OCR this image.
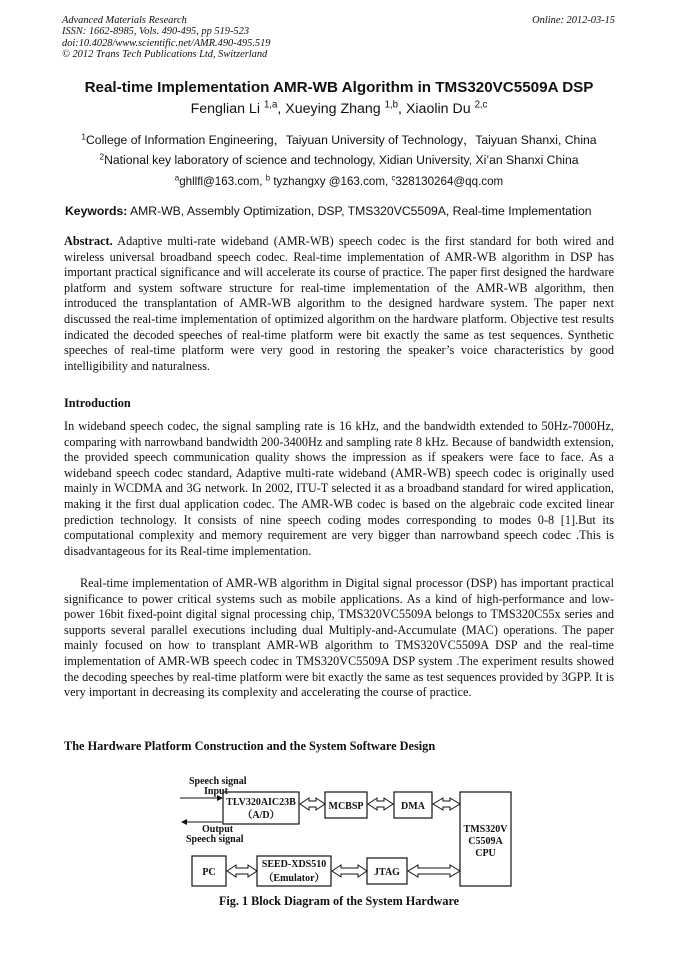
Advanced Materials Research
ISSN: 1662-8985, Vols. 490-495, pp 519-523
doi:10.4028/www.scientific.net/AMR.490-495.519
© 2012 Trans Tech Publications Ltd, Switzerland
Online: 2012-03-15
Real-time Implementation AMR-WB Algorithm in TMS320VC5509A DSP
Fenglian Li $^{1,a}$, Xueying Zhang $^{1,b}$, Xiaolin Du $^{2,c}$
$^1$College of Information Engineering，Taiyuan University of Technology，Taiyuan Shanxi, China
$^2$National key laboratory of science and technology, Xidian University, Xi’an Shanxi China
$^a$ghllfl@163.com, $^b$ tyzhangxy @163.com, $^c$328130264@qq.com
Keywords: AMR-WB, Assembly Optimization, DSP, TMS320VC5509A, Real-time Implementation
Abstract. Adaptive multi-rate wideband (AMR-WB) speech codec is the first standard for both wired and wireless universal broadband speech codec. Real-time implementation of AMR-WB algorithm in DSP has important practical significance and will accelerate its course of practice. The paper first designed the hardware platform and system software structure for real-time implementation of the AMR-WB algorithm, then introduced the transplantation of AMR-WB algorithm to the designed hardware system. The paper next discussed the real-time implementation of optimized algorithm on the hardware platform. Objective test results indicated the decoded speeches of real-time platform were bit exactly the same as test sequences. Synthetic speeches of real-time platform were very good in restoring the speaker’s voice characteristics by good intelligibility and naturalness.
Introduction
In wideband speech codec, the signal sampling rate is 16 kHz, and the bandwidth extended to 50Hz-7000Hz, comparing with narrowband bandwidth 200-3400Hz and sampling rate 8 kHz. Because of bandwidth extension, the provided speech communication quality shows the impression as if speakers were face to face. As a wideband speech codec standard, Adaptive multi-rate wideband (AMR-WB) speech codec is originally used mainly in WCDMA and 3G network. In 2002, ITU-T selected it as a broadband standard for wired application, making it the first dual application codec. The AMR-WB codec is based on the algebraic code excited linear prediction technology. It consists of nine speech coding modes corresponding to modes 0-8 [1].But its computational complexity and memory requirement are very bigger than narrowband speech codec .This is disadvantageous for its Real-time implementation.
Real-time implementation of AMR-WB algorithm in Digital signal processor (DSP) has important practical significance to power critical systems such as mobile applications. As a kind of high-performance and low-power 16bit fixed-point digital signal processing chip, TMS320VC5509A belongs to TMS320C55x series and supports several parallel executions including dual Multiply-and-Accumulate (MAC) operations. The paper mainly focused on how to transplant AMR-WB algorithm to TMS320VC5509A DSP and the real-time implementation of AMR-WB speech codec in TMS320VC5509A DSP system .The experiment results showed the decoding speeches by real-time platform were bit exactly the same as test sequences provided by 3GPP. It is very important in decreasing its complexity and accelerating the course of practice.
The Hardware Platform Construction and the System Software Design
Speech signal
Input
Output
Speech signal
TLV320AIC23B
（A/D）
MCBSP	DMA
TMS320V
C5509A
CPU
PC
SEED-XDS510
（Emulator）
JTAG
Fig. 1 Block Diagram of the System Hardware
